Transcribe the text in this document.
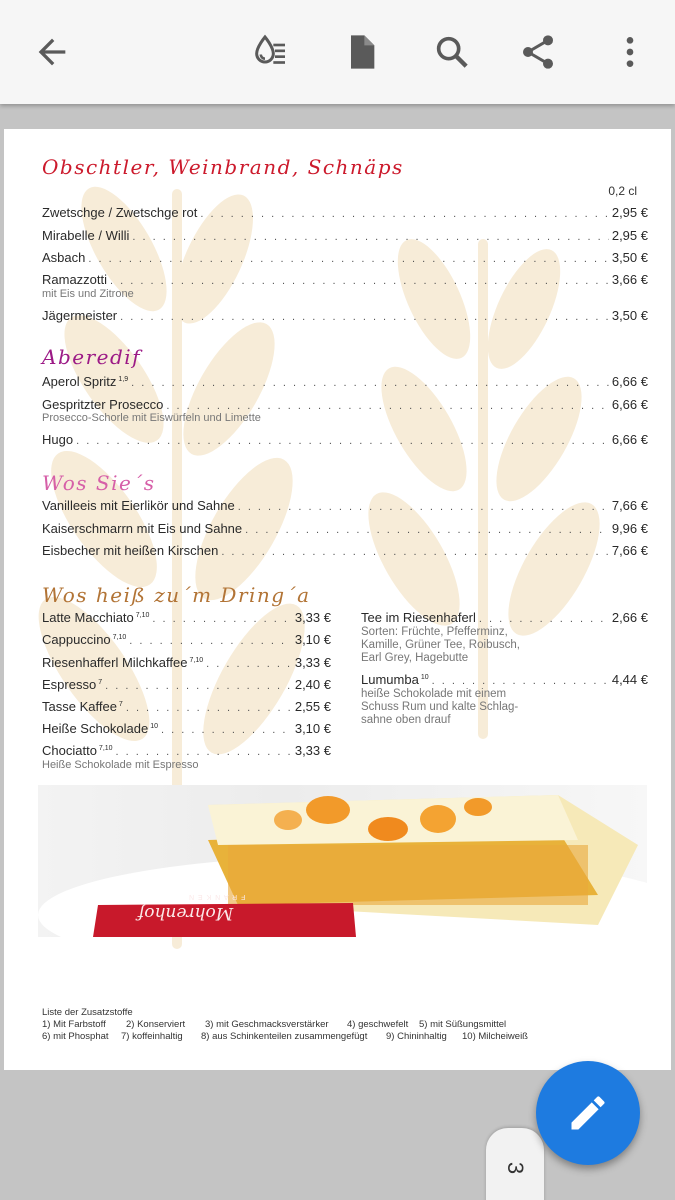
Obschtler, Weinbrand, Schnäps
0,2 cl
Zwetschge / Zwetschge rot . . .	2,95 €
Mirabelle / Willi . . .	2,95 €
Asbach . . .	3,50 €
Ramazzotti . . .	3,66 €
mit Eis und Zitrone
Jägermeister . . .	3,50 €
Aberedif
Aperol Spritz $^{1,9}$ . . .	6,66 €
Gespritzter Prosecco . . .	6,66 €
Prosecco-Schorle mit Eiswürfeln und Limette
Hugo . . .	6,66 €
Wos Sie´s
Vanilleeis mit Eierlikör und Sahne . . .	7,66 €
Kaiserschmarrn mit Eis und Sahne . . .	9,96 €
Eisbecher mit heißen Kirschen . . .	7,66 €
Wos heiß zu´m Dring´a
Latte Macchiato $^{7,10}$ . . .	3,33 €
Cappuccino $^{7,10}$ . . .	3,10 €
Riesenhafferl Milchkaffee $^{7,10}$ . . .	3,33 €
Espresso $^7$ . . .	2,40 €
Tasse Kaffee $^7$ . . .	2,55 €
Heiße Schokolade $^{10}$ . . .	3,10 €
Chociatto $^{7,10}$ . . .	3,33 €
Heiße Schokolade mit Espresso
Tee im Riesenhaferl . . .	2,66 €
Sorten: Früchte, Pfefferminz,
Kamille, Grüner Tee, Roibusch,
Earl Grey, Hagebutte
Lumumba $^{10}$ . . .	4,44 €
heiße Schokolade mit einem
Schuss Rum und kalte Schlag-
sahne oben drauf
Mohrenhof
F R A N K E N
Liste der Zusatzstoffe
1) Mit Farbstoff 2) Konserviert 3) mit Geschmacksverstärker 4) geschwefelt 5) mit Süßungsmittel
6) mit Phosphat 7) koffeinhaltig 8) aus Schinkenteilen zusammengefügt 9) Chininhaltig 10) Milcheiweiß
3
